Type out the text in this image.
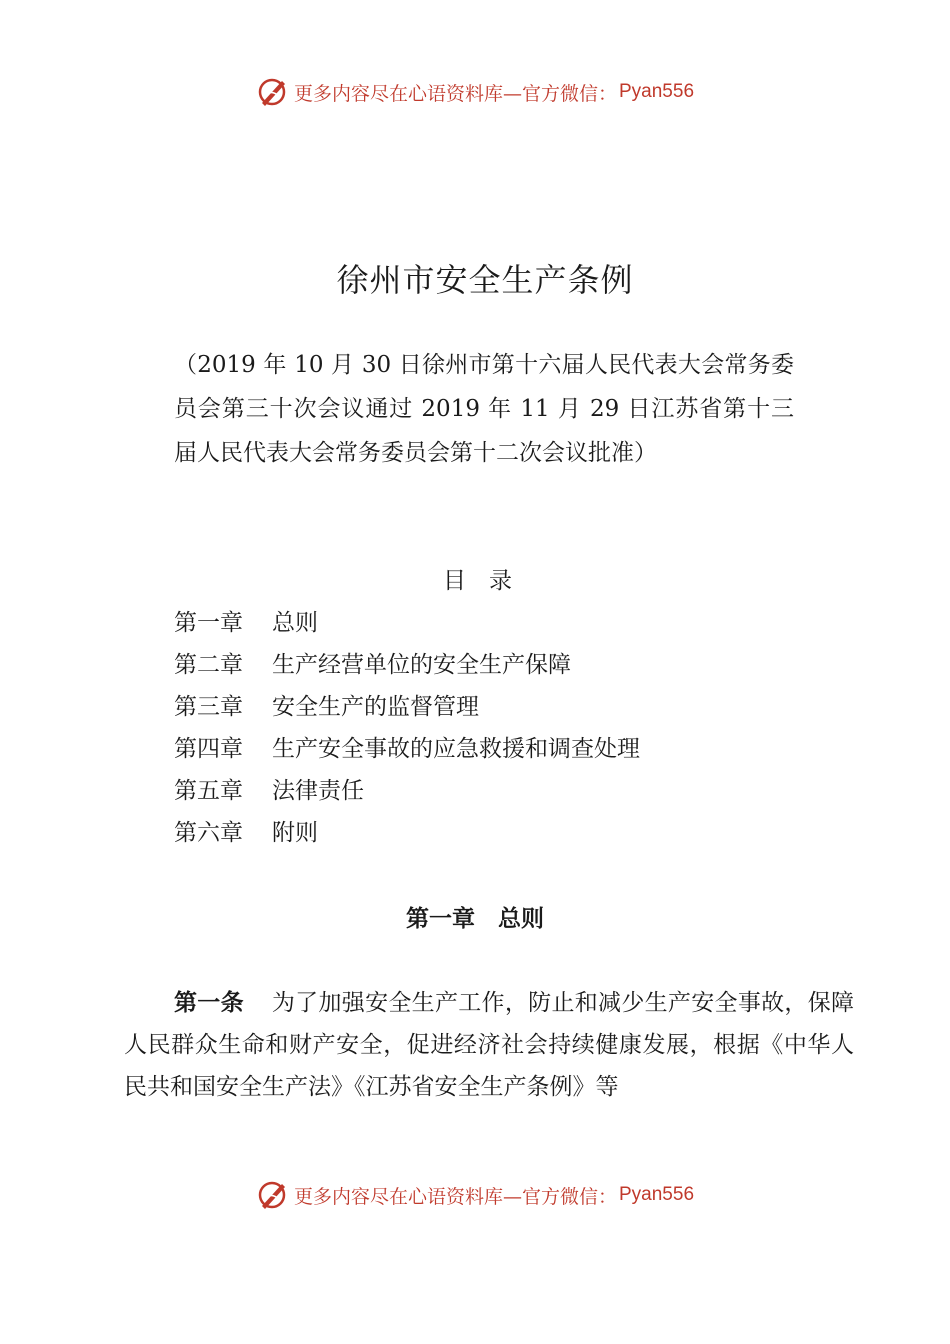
更多内容尽在心语资料库—官方微信： Pyan556
徐州市安全生产条例
（2019 年 10 月 30 日徐州市第十六届人民代表大会常务委员会第三十次会议通过 2019 年 11 月 29 日江苏省第十三届人民代表大会常务委员会第十二次会议批准）
目　录
第一章 总则
第二章 生产经营单位的安全生产保障
第三章 安全生产的监督管理
第四章 生产安全事故的应急救援和调查处理
第五章 法律责任
第六章 附则
第一章　总则
第一条 为了加强安全生产工作，防止和减少生产安全事故，保障人民群众生命和财产安全，促进经济社会持续健康发展，根据《中华人民共和国安全生产法》《江苏省安全生产条例》等
更多内容尽在心语资料库—官方微信： Pyan556
